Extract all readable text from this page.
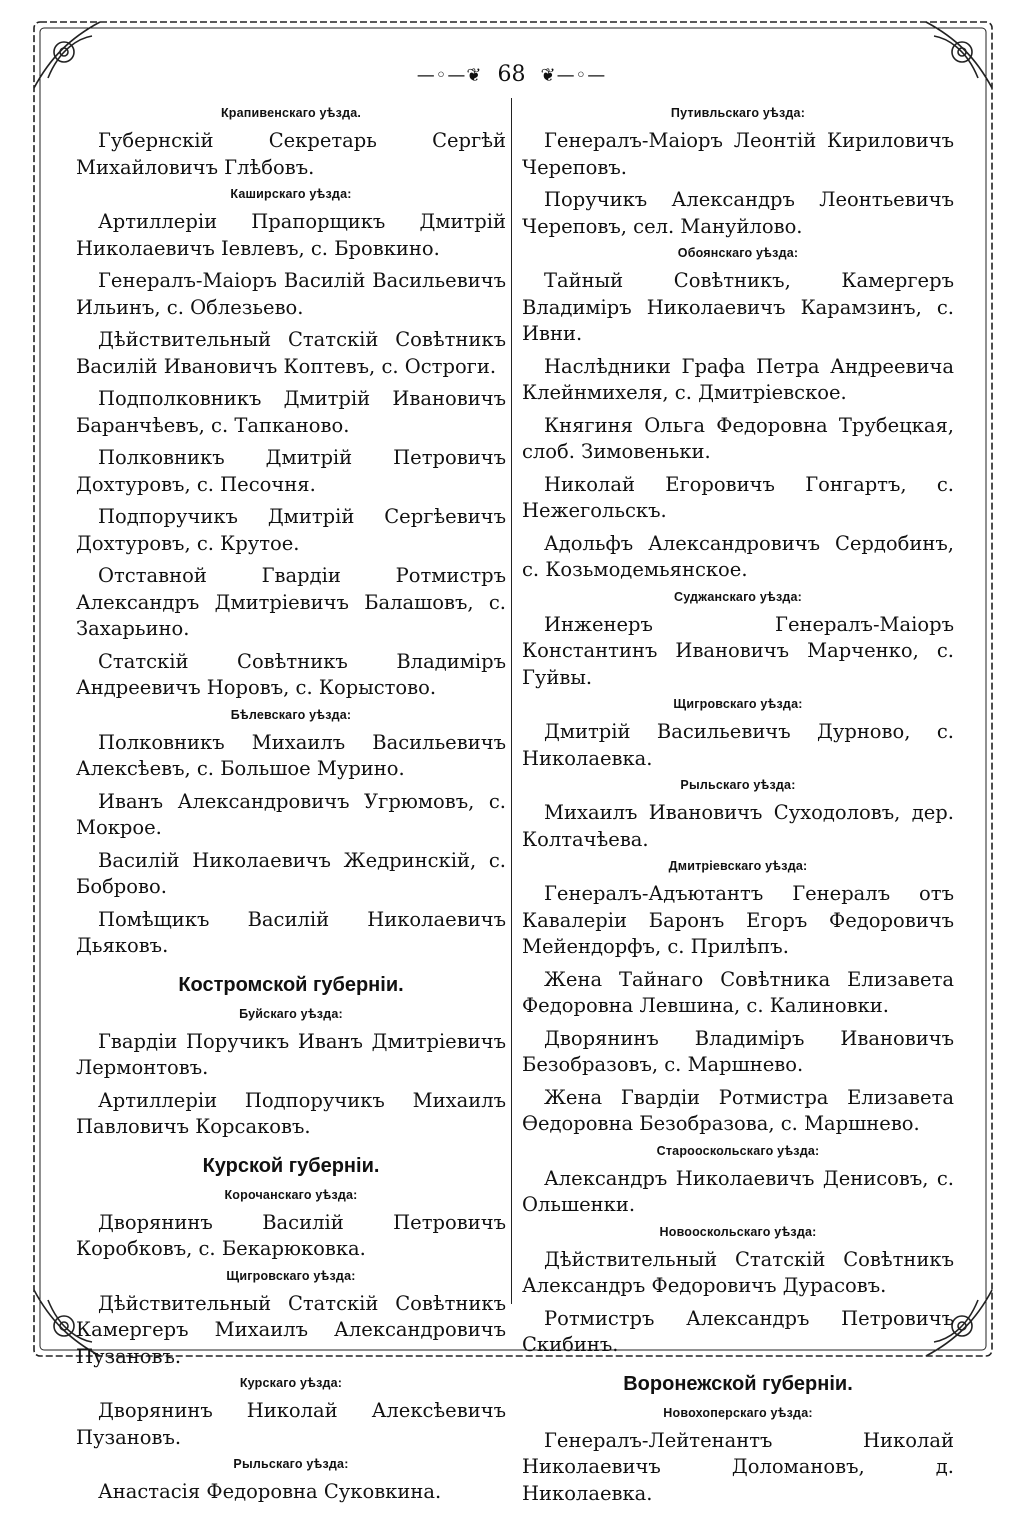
—◦—❦ 68 ❦—◦—
Крапивенскаго уѣзда.
Губернскій Секретарь Сергѣй Михайловичъ Глѣбовъ.
Каширскаго уѣзда:
Артиллеріи Прапорщикъ Дмитрій Николаевичъ Іевлевъ, с. Бровкино.
Генералъ-Маіоръ Василій Васильевичъ Ильинъ, с. Облезьево.
Дѣйствительный Статскій Совѣтникъ Василій Ивановичъ Коптевъ, с. Остроги.
Подполковникъ Дмитрій Ивановичъ Баранчѣевъ, с. Тапканово.
Полковникъ Дмитрій Петровичъ Дохтуровъ, с. Песочня.
Подпоручикъ Дмитрій Сергѣевичъ Дохтуровъ, с. Крутое.
Отставной Гвардіи Ротмистръ Александръ Дмитріевичъ Балашовъ, с. Захарьино.
Статскій Совѣтникъ Владиміръ Андреевичъ Норовъ, с. Корыстово.
Бѣлевскаго уѣзда:
Полковникъ Михаилъ Васильевичъ Алексѣевъ, с. Большое Мурино.
Иванъ Александровичъ Угрюмовъ, с. Мокрое.
Василій Николаевичъ Жедринскій, с. Боброво.
Помѣщикъ Василій Николаевичъ Дьяковъ.
Костромской губерніи.
Буйскаго уѣзда:
Гвардіи Поручикъ Иванъ Дмитріевичъ Лермонтовъ.
Артиллеріи Подпоручикъ Михаилъ Павловичъ Корсаковъ.
Курской губерніи.
Корочанскаго уѣзда:
Дворянинъ Василій Петровичъ Коробковъ, с. Бекарюковка.
Щигровскаго уѣзда:
Дѣйствительный Статскій Совѣтникъ Камергеръ Михаилъ Александровичъ Пузановъ.
Курскаго уѣзда:
Дворянинъ Николай Алексѣевичъ Пузановъ.
Рыльскаго уѣзда:
Анастасія Федоровна Суковкина.
Путивльскаго уѣзда:
Генералъ-Маіоръ Леонтій Кириловичъ Череповъ.
Поручикъ Александръ Леонтьевичъ Череповъ, сел. Мануйлово.
Обоянскаго уѣзда:
Тайный Совѣтникъ, Камергеръ Владиміръ Николаевичъ Карамзинъ, с. Ивни.
Наслѣдники Графа Петра Андреевича Клейнмихеля, с. Дмитріевское.
Княгиня Ольга Федоровна Трубецкая, слоб. Зимовеньки.
Николай Егоровичъ Гонгартъ, с. Нежегольскъ.
Адольфъ Александровичъ Сердобинъ, с. Козьмодемьянское.
Суджанскаго уѣзда:
Инженеръ Генералъ-Маіоръ Константинъ Ивановичъ Марченко, с. Гуйвы.
Щигровскаго уѣзда:
Дмитрій Васильевичъ Дурново, с. Николаевка.
Рыльскаго уѣзда:
Михаилъ Ивановичъ Суходоловъ, дер. Колтачѣева.
Дмитріевскаго уѣзда:
Генералъ-Адъютантъ Генералъ отъ Кавалеріи Баронъ Егоръ Федоровичъ Мейендорфъ, с. Прилѣпъ.
Жена Тайнаго Совѣтника Елизавета Федоровна Левшина, с. Калиновки.
Дворянинъ Владиміръ Ивановичъ Безобразовъ, с. Маршнево.
Жена Гвардіи Ротмистра Елизавета Ѳедоровна Безобразова, с. Маршнево.
Старооскольскаго уѣзда:
Александръ Николаевичъ Денисовъ, с. Ольшенки.
Новооскольскаго уѣзда:
Дѣйствительный Статскій Совѣтникъ Александръ Федоровичъ Дурасовъ.
Ротмистръ Александръ Петровичъ Скибинъ.
Воронежской губерніи.
Новохоперскаго уѣзда:
Генералъ-Лейтенантъ Николай Николаевичъ Доломановъ, д. Николаевка.
